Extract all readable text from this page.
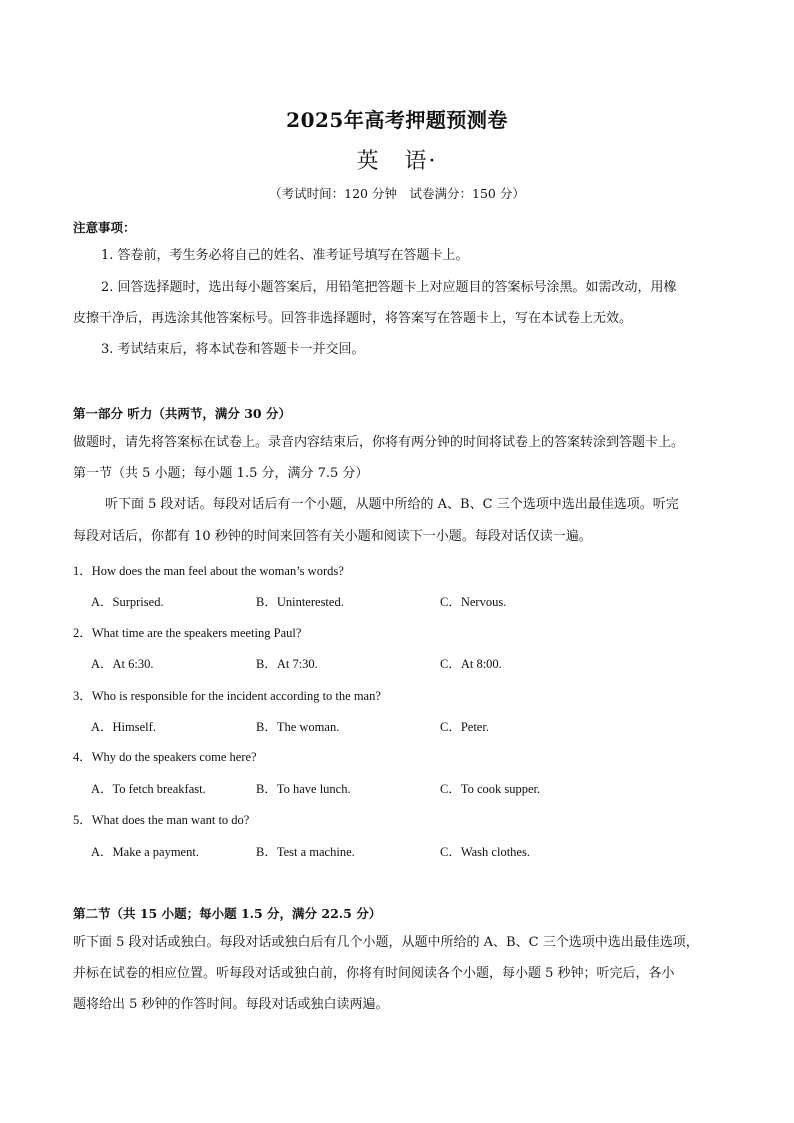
2025年高考押题预测卷
英 语·
（考试时间：120 分钟　试卷满分：150 分）
注意事项：
1. 答卷前，考生务必将自己的姓名、准考证号填写在答题卡上。
2. 回答选择题时，选出每小题答案后，用铅笔把答题卡上对应题目的答案标号涂黑。如需改动，用橡
皮擦干净后，再选涂其他答案标号。回答非选择题时，将答案写在答题卡上，写在本试卷上无效。
3. 考试结束后，将本试卷和答题卡一并交回。
第一部分 听力（共两节，满分 30 分）
做题时，请先将答案标在试卷上。录音内容结束后，你将有两分钟的时间将试卷上的答案转涂到答题卡上。
第一节（共 5 小题；每小题 1.5 分，满分 7.5 分）
听下面 5 段对话。每段对话后有一个小题，从题中所给的 A、B、C 三个选项中选出最佳选项。听完
每段对话后，你都有 10 秒钟的时间来回答有关小题和阅读下一小题。每段对话仅读一遍。
1．How does the man feel about the woman’s words?
A．Surprised.	B．Uninterested.	C．Nervous.
2．What time are the speakers meeting Paul?
A．At 6:30.	B．At 7:30.	C．At 8:00.
3．Who is responsible for the incident according to the man?
A．Himself.	B．The woman.	C．Peter.
4．Why do the speakers come here?
A．To fetch breakfast.	B．To have lunch.	C．To cook supper.
5．What does the man want to do?
A．Make a payment.	B．Test a machine.	C．Wash clothes.
第二节（共 15 小题；每小题 1.5 分，满分 22.5 分）
听下面 5 段对话或独白。每段对话或独白后有几个小题，从题中所给的 A、B、C 三个选项中选出最佳选项，
并标在试卷的相应位置。听每段对话或独白前，你将有时间阅读各个小题，每小题 5 秒钟；听完后，各小
题将给出 5 秒钟的作答时间。每段对话或独白读两遍。
